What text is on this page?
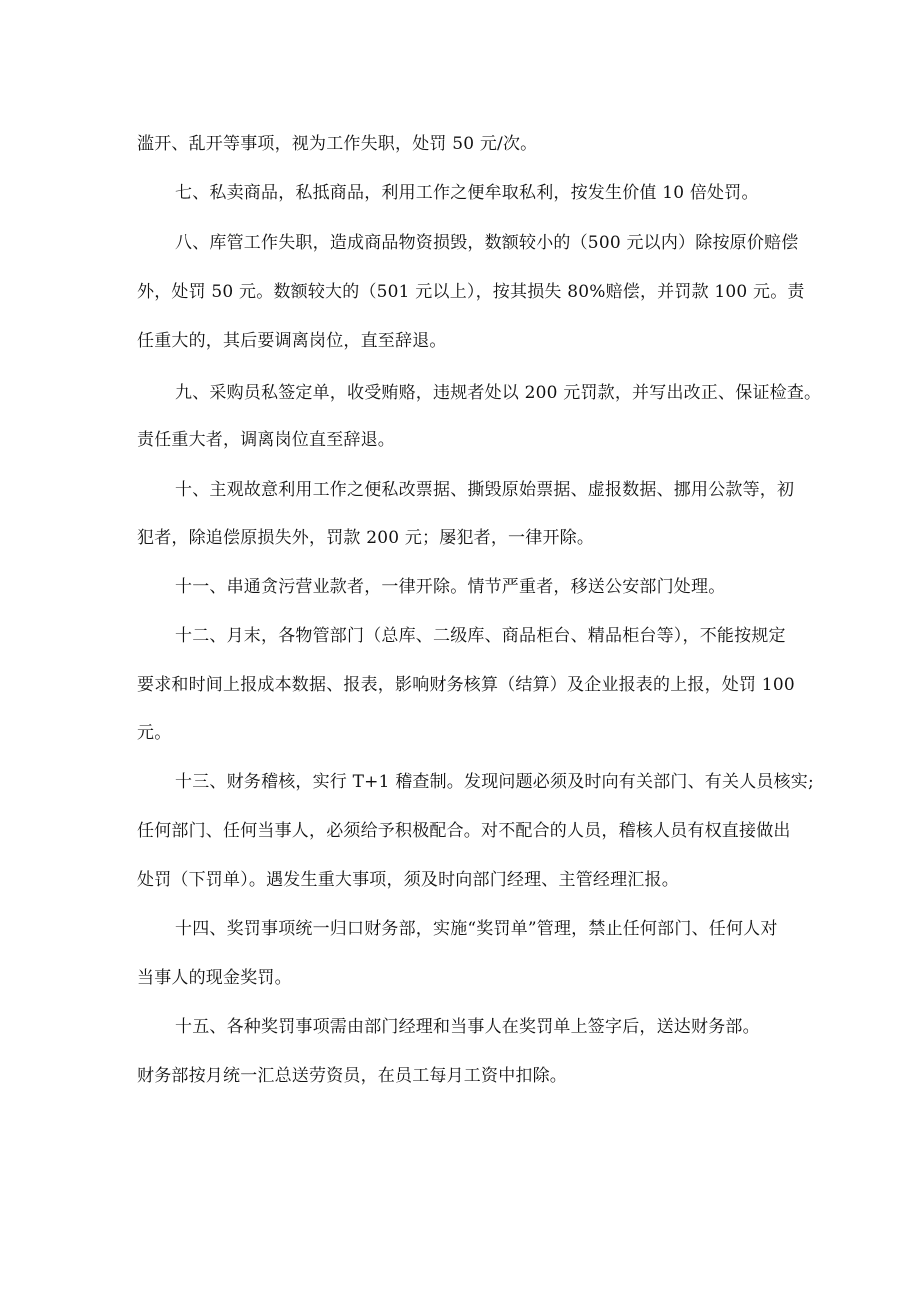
滥开、乱开等事项，视为工作失职，处罚 50 元/次。
七、私卖商品，私抵商品，利用工作之便牟取私利，按发生价值 10 倍处罚。
八、库管工作失职，造成商品物资损毁，数额较小的（500 元以内）除按原价赔偿
外，处罚 50 元。数额较大的（501 元以上），按其损失 80%赔偿，并罚款 100 元。责
任重大的，其后要调离岗位，直至辞退。
九、采购员私签定单，收受贿赂，违规者处以 200 元罚款，并写出改正、保证检查。
责任重大者，调离岗位直至辞退。
十、主观故意利用工作之便私改票据、撕毁原始票据、虚报数据、挪用公款等，初
犯者，除追偿原损失外，罚款 200 元；屡犯者，一律开除。
十一、串通贪污营业款者，一律开除。情节严重者，移送公安部门处理。
十二、月末，各物管部门（总库、二级库、商品柜台、精品柜台等），不能按规定
要求和时间上报成本数据、报表，影响财务核算（结算）及企业报表的上报，处罚 100
元。
十三、财务稽核，实行 T+1 稽查制。发现问题必须及时向有关部门、有关人员核实;
任何部门、任何当事人，必须给予积极配合。对不配合的人员，稽核人员有权直接做出
处罚（下罚单）。遇发生重大事项，须及时向部门经理、主管经理汇报。
十四、奖罚事项统一归口财务部，实施“奖罚单”管理，禁止任何部门、任何人对
当事人的现金奖罚。
十五、各种奖罚事项需由部门经理和当事人在奖罚单上签字后，送达财务部。
财务部按月统一汇总送劳资员，在员工每月工资中扣除。
